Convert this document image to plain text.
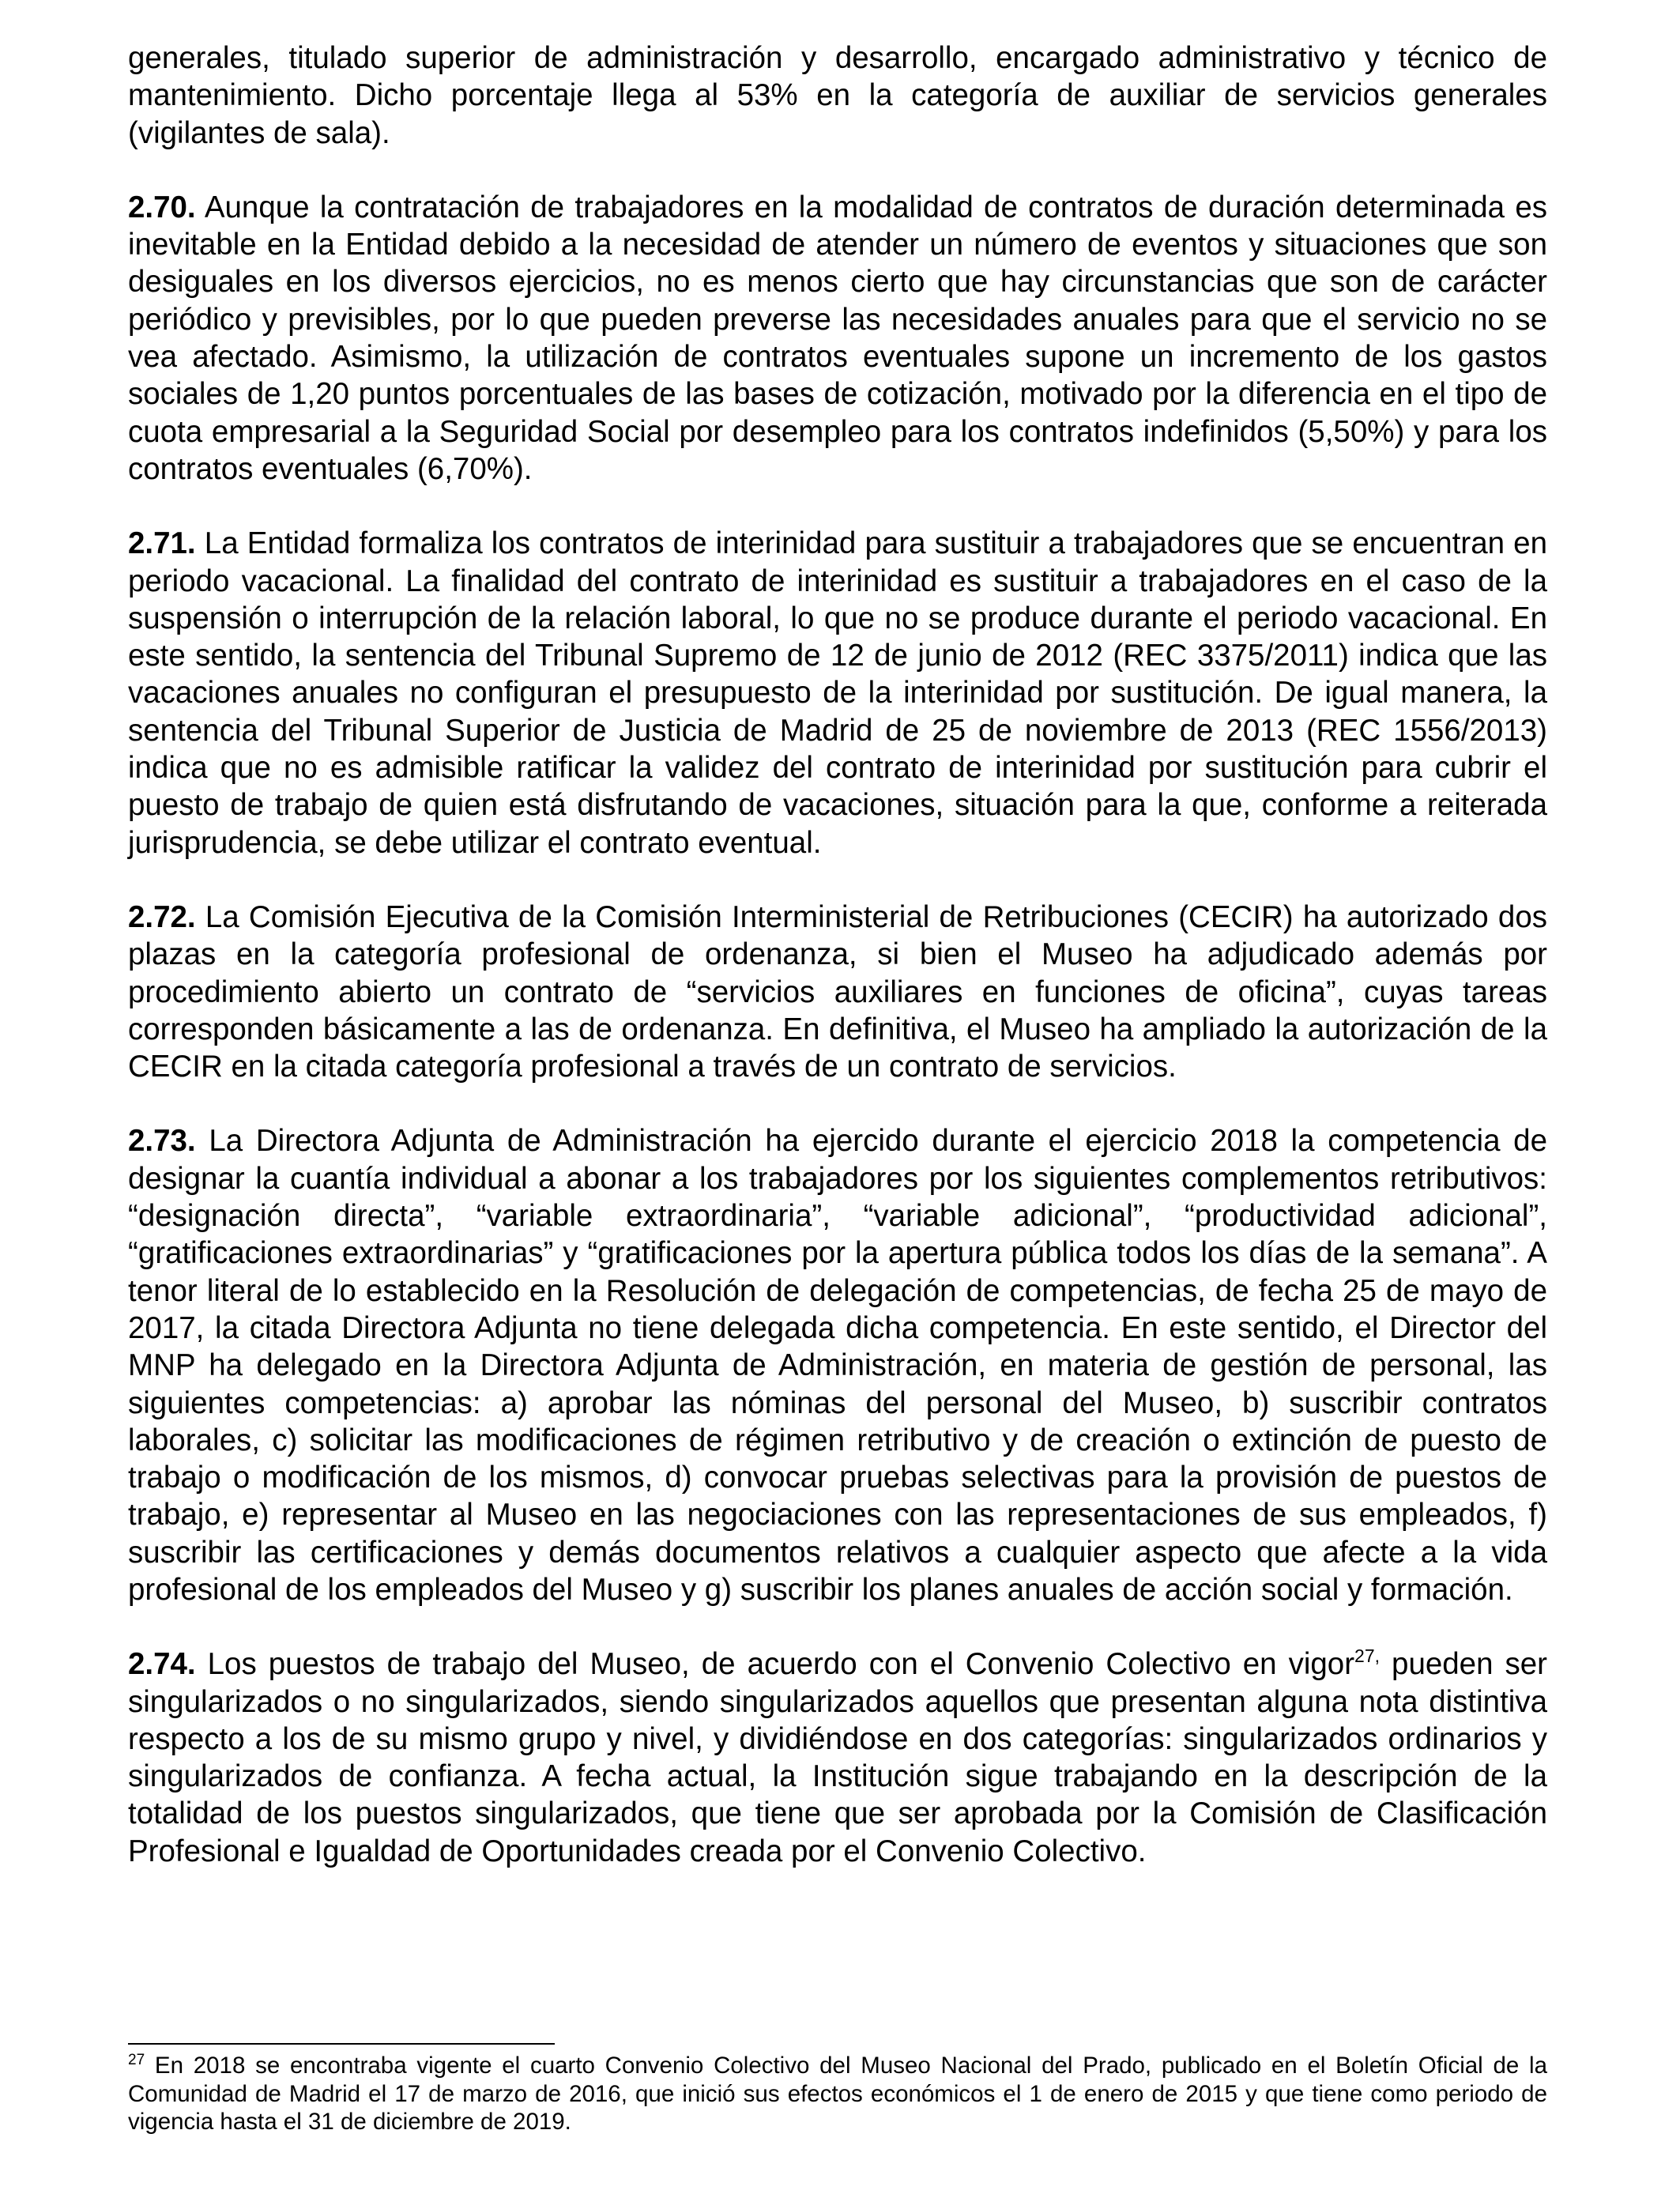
generales, titulado superior de administración y desarrollo, encargado administrativo y técnico de mantenimiento. Dicho porcentaje llega al 53% en la categoría de auxiliar de servicios generales (vigilantes de sala).

2.70. Aunque la contratación de trabajadores en la modalidad de contratos de duración determinada es inevitable en la Entidad debido a la necesidad de atender un número de eventos y situaciones que son desiguales en los diversos ejercicios, no es menos cierto que hay circunstancias que son de carácter periódico y previsibles, por lo que pueden preverse las necesidades anuales para que el servicio no se vea afectado. Asimismo, la utilización de contratos eventuales supone un incremento de los gastos sociales de 1,20 puntos porcentuales de las bases de cotización, motivado por la diferencia en el tipo de cuota empresarial a la Seguridad Social por desempleo para los contratos indefinidos (5,50%) y para los contratos eventuales (6,70%).

2.71. La Entidad formaliza los contratos de interinidad para sustituir a trabajadores que se encuentran en periodo vacacional. La finalidad del contrato de interinidad es sustituir a trabajadores en el caso de la suspensión o interrupción de la relación laboral, lo que no se produce durante el periodo vacacional. En este sentido, la sentencia del Tribunal Supremo de 12 de junio de 2012 (REC 3375/2011) indica que las vacaciones anuales no configuran el presupuesto de la interinidad por sustitución. De igual manera, la sentencia del Tribunal Superior de Justicia de Madrid de 25 de noviembre de 2013 (REC 1556/2013) indica que no es admisible ratificar la validez del contrato de interinidad por sustitución para cubrir el puesto de trabajo de quien está disfrutando de vacaciones, situación para la que, conforme a reiterada jurisprudencia, se debe utilizar el contrato eventual.

2.72. La Comisión Ejecutiva de la Comisión Interministerial de Retribuciones (CECIR) ha autorizado dos plazas en la categoría profesional de ordenanza, si bien el Museo ha adjudicado además por procedimiento abierto un contrato de “servicios auxiliares en funciones de oficina”, cuyas tareas corresponden básicamente a las de ordenanza. En definitiva, el Museo ha ampliado la autorización de la CECIR en la citada categoría profesional a través de un contrato de servicios.

2.73. La Directora Adjunta de Administración ha ejercido durante el ejercicio 2018 la competencia de designar la cuantía individual a abonar a los trabajadores por los siguientes complementos retributivos: “designación directa”, “variable extraordinaria”, “variable adicional”, “productividad adicional”, “gratificaciones extraordinarias” y “gratificaciones por la apertura pública todos los días de la semana”. A tenor literal de lo establecido en la Resolución de delegación de competencias, de fecha 25 de mayo de 2017, la citada Directora Adjunta no tiene delegada dicha competencia. En este sentido, el Director del MNP ha delegado en la Directora Adjunta de Administración, en materia de gestión de personal, las siguientes competencias: a) aprobar las nóminas del personal del Museo, b) suscribir contratos laborales, c) solicitar las modificaciones de régimen retributivo y de creación o extinción de puesto de trabajo o modificación de los mismos, d) convocar pruebas selectivas para la provisión de puestos de trabajo, e) representar al Museo en las negociaciones con las representaciones de sus empleados, f) suscribir las certificaciones y demás documentos relativos a cualquier aspecto que afecte a la vida profesional de los empleados del Museo y g) suscribir los planes anuales de acción social y formación.

2.74. Los puestos de trabajo del Museo, de acuerdo con el Convenio Colectivo en vigor$^{27,}$ pueden ser singularizados o no singularizados, siendo singularizados aquellos que presentan alguna nota distintiva respecto a los de su mismo grupo y nivel, y dividiéndose en dos categorías: singularizados ordinarios y singularizados de confianza. A fecha actual, la Institución sigue trabajando en la descripción de la totalidad de los puestos singularizados, que tiene que ser aprobada por la Comisión de Clasificación Profesional e Igualdad de Oportunidades creada por el Convenio Colectivo.

$^{27}$ En 2018 se encontraba vigente el cuarto Convenio Colectivo del Museo Nacional del Prado, publicado en el Boletín Oficial de la Comunidad de Madrid el 17 de marzo de 2016, que inició sus efectos económicos el 1 de enero de 2015 y que tiene como periodo de vigencia hasta el 31 de diciembre de 2019.
